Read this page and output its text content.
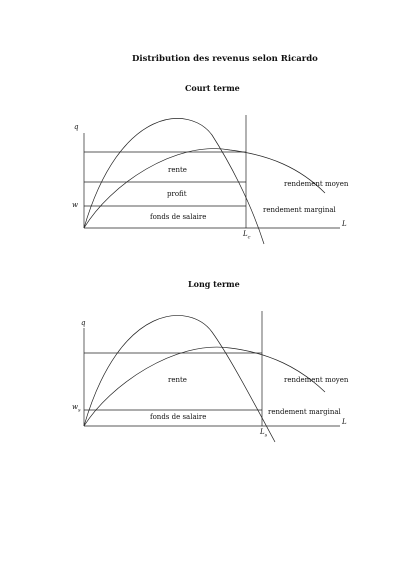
Distribution des revenus selon Ricardo
Court terme
q
L
w
$L_c$
rente
profit
fonds de salaire
rendement moyen
rendement marginal
Long terme
q
L
$w_s$
$L_s$
rente
fonds de salaire
rendement moyen
rendement marginal
